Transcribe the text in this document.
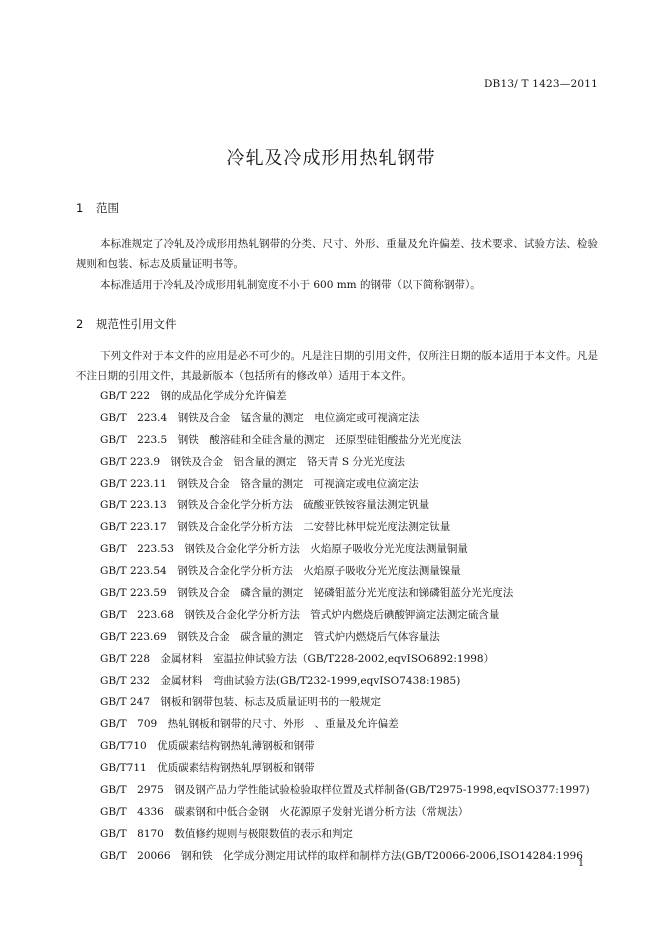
DB13/ T 1423—2011
冷轧及冷成形用热轧钢带
1 范围
本标准规定了冷轧及冷成形用热轧钢带的分类、尺寸、外形、重量及允许偏差、技术要求、试验方法、检验规则和包装、标志及质量证明书等。
本标准适用于冷轧及冷成形用轧制宽度不小于 600 mm 的钢带（以下简称钢带）。
2 规范性引用文件
下列文件对于本文件的应用是必不可少的。凡是注日期的引用文件，仅所注日期的版本适用于本文件。凡是不注日期的引用文件，其最新版本（包括所有的修改单）适用于本文件。
GB/T 222　钢的成品化学成分允许偏差
GB/T　223.4　钢铁及合金　锰含量的测定　电位滴定或可视滴定法
GB/T　223.5　钢铁　酸溶硅和全硅含量的测定　还原型硅钼酸盐分光光度法
GB/T 223.9　钢铁及合金　铝含量的测定　铬天青 S 分光光度法
GB/T 223.11　钢铁及合金　铬含量的测定　可视滴定或电位滴定法
GB/T 223.13　钢铁及合金化学分析方法　硫酸亚铁铵容量法测定钒量
GB/T 223.17　钢铁及合金化学分析方法　二安替比林甲烷光度法测定钛量
GB/T　223.53　钢铁及合金化学分析方法　火焰原子吸收分光光度法测量铜量
GB/T 223.54　钢铁及合金化学分析方法　火焰原子吸收分光光度法测量镍量
GB/T 223.59　钢铁及合金　磷含量的测定　铋磷钼蓝分光光度法和锑磷钼蓝分光光度法
GB/T　223.68　钢铁及合金化学分析方法　管式炉内燃烧后碘酸钾滴定法测定硫含量
GB/T 223.69　钢铁及合金　碳含量的测定　管式炉内燃烧后气体容量法
GB/T 228　金属材料　室温拉伸试验方法（GB/T228-2002,eqvISO6892:1998）
GB/T 232　金属材料　弯曲试验方法(GB/T232-1999,eqvISO7438:1985)
GB/T 247　钢板和钢带包装、标志及质量证明书的一般规定
GB/T　709　热轧钢板和钢带的尺寸、外形　、重量及允许偏差
GB/T710　优质碳素结构钢热轧薄钢板和钢带
GB/T711　优质碳素结构钢热轧厚钢板和钢带
GB/T　2975　钢及钢产品力学性能试验检验取样位置及式样制备(GB/T2975-1998,eqvISO377:1997)
GB/T　4336　碳素钢和中低合金钢　火花源原子发射光谱分析方法（常规法）
GB/T　8170　数值修约规则与极限数值的表示和判定
GB/T　20066　钢和铁　化学成分测定用试样的取样和制样方法(GB/T20066-2006,ISO14284:1996
1
